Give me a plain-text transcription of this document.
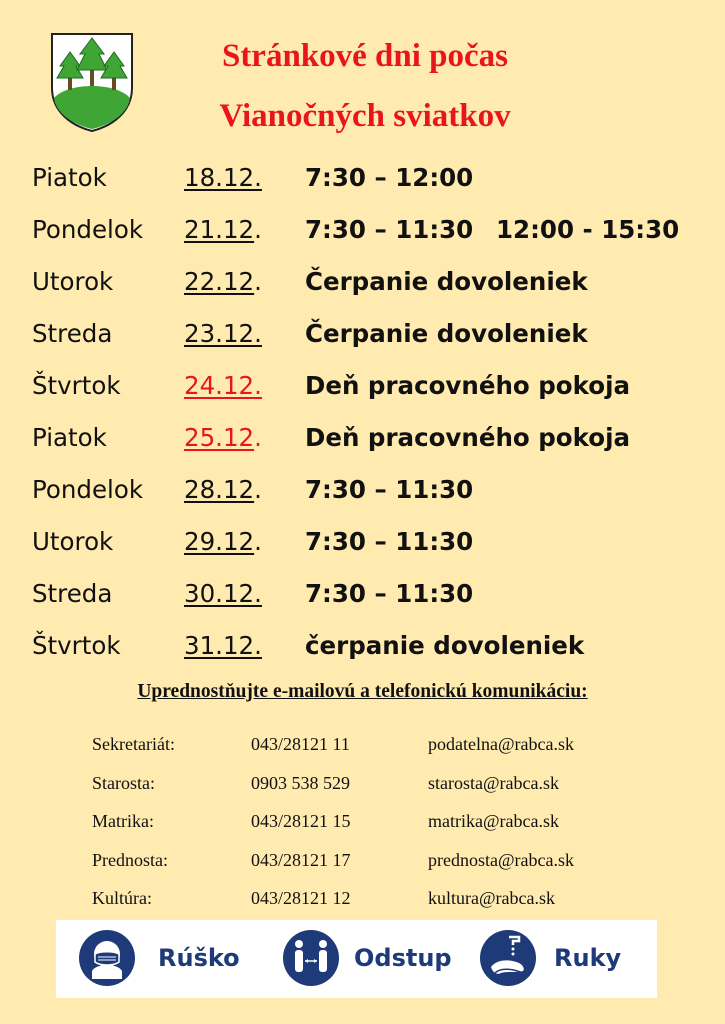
Stránkové dni počas
Vianočných sviatkov
Piatok	18.12. 7:30 – 12:00
Pondelok 21.12. 7:30 – 11:30 12:00 - 15:30
Utorok	22.12. Čerpanie dovoleniek
Streda	23.12. Čerpanie dovoleniek
Štvrtok	24.12. Deň pracovného pokoja
Piatok	25.12. Deň pracovného pokoja
Pondelok 28.12. 7:30 – 11:30
Utorok	29.12. 7:30 – 11:30
Streda	30.12. 7:30 – 11:30
Štvrtok	31.12. čerpanie dovoleniek
Uprednostňujte e-mailovú a telefonickú komunikáciu:
Sekretariát:	043/28121 11	podatelna@rabca.sk
Starosta:	0903 538 529	starosta@rabca.sk
Matrika:	043/28121 15	matrika@rabca.sk
Prednosta:	043/28121 17	prednosta@rabca.sk
Kultúra:	043/28121 12	kultura@rabca.sk
Rúško	Odstup	Ruky
